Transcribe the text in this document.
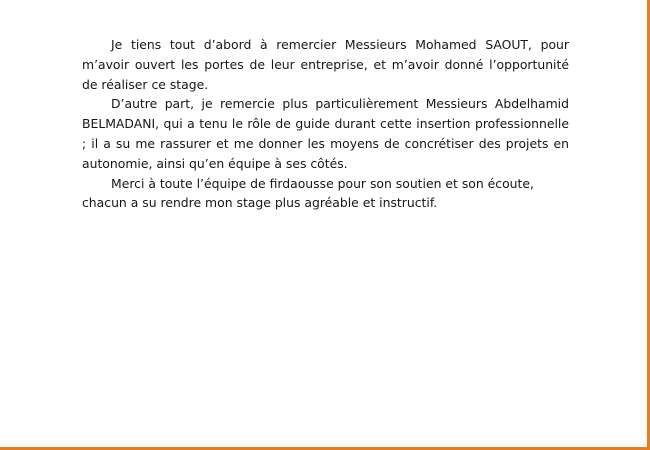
Je tiens tout d’abord à remercier Messieurs Mohamed SAOUT, pour m’avoir ouvert les portes de leur entreprise, et m’avoir donné l’opportunité de réaliser ce stage.

D’autre part, je remercie plus particulièrement Messieurs Abdelhamid BELMADANI, qui a tenu le rôle de guide durant cette insertion professionnelle ; il a su me rassurer et me donner les moyens de concrétiser des projets en autonomie, ainsi qu’en équipe à ses côtés.

Merci à toute l’équipe de firdaousse pour son soutien et son écoute,
chacun a su rendre mon stage plus agréable et instructif.
